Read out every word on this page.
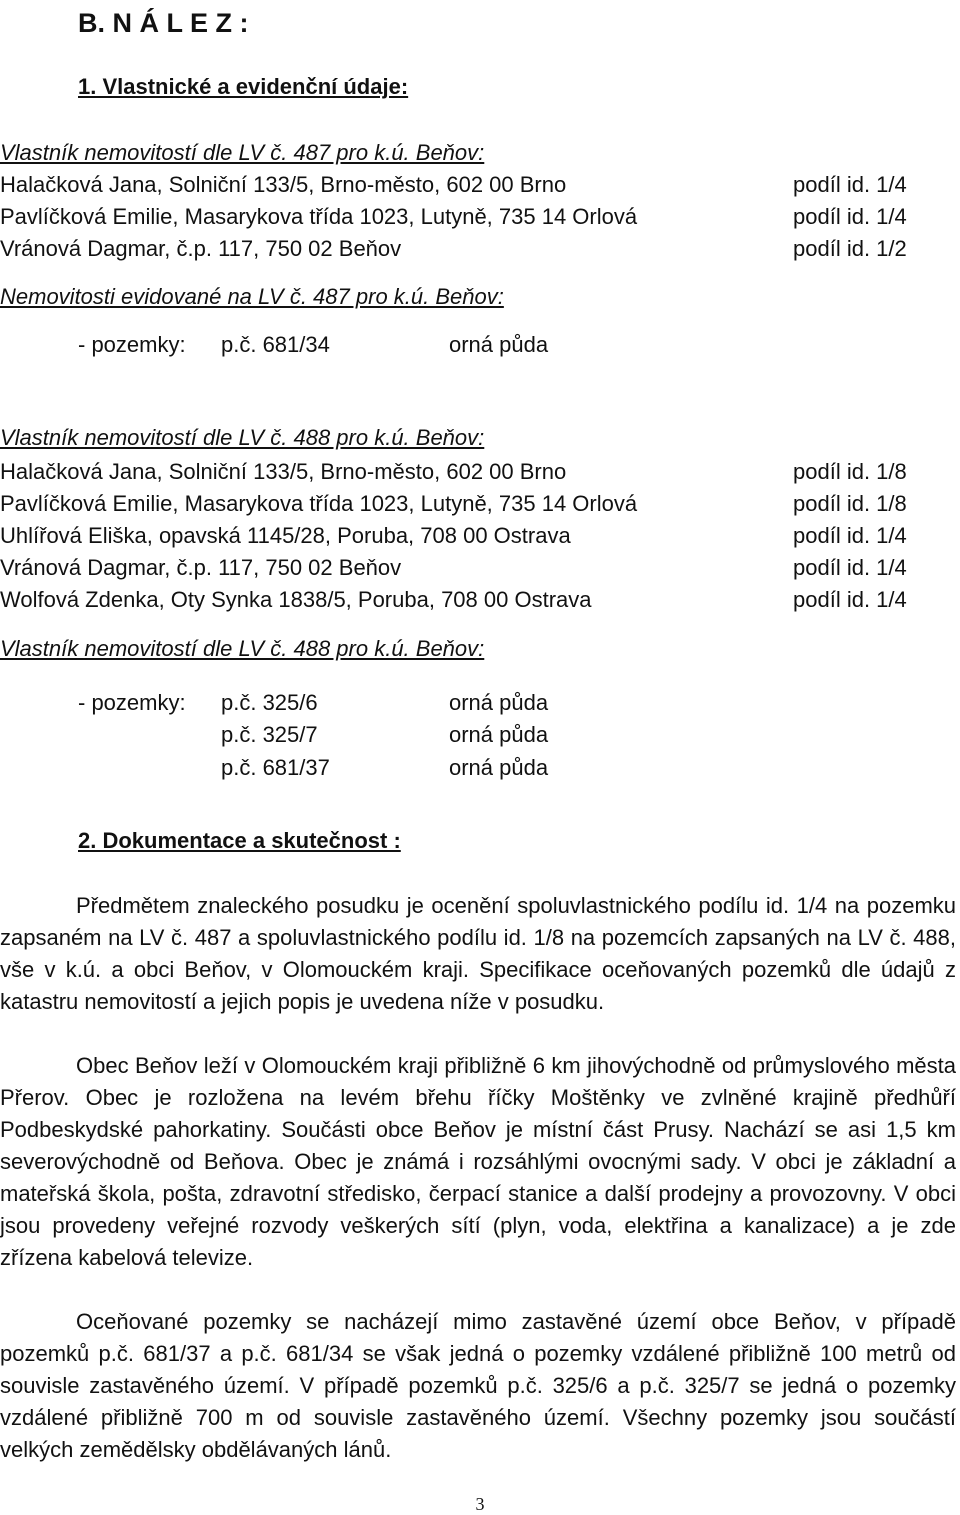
B. N Á L E Z :
1. Vlastnické a evidenční údaje:
Vlastník nemovitostí dle LV č. 487 pro k.ú. Beňov:
Halačková Jana, Solniční 133/5, Brno-město, 602 00 Brno	podíl id. 1/4
Pavlíčková Emilie, Masarykova třída 1023, Lutyně, 735 14 Orlová	podíl id. 1/4
Vránová Dagmar, č.p. 117, 750 02 Beňov	podíl id. 1/2
Nemovitosti evidované na LV č. 487 pro k.ú. Beňov:
- pozemky: p.č. 681/34	orná půda
Vlastník nemovitostí dle LV č. 488 pro k.ú. Beňov:
Halačková Jana, Solniční 133/5, Brno-město, 602 00 Brno	podíl id. 1/8
Pavlíčková Emilie, Masarykova třída 1023, Lutyně, 735 14 Orlová	podíl id. 1/8
Uhlířová Eliška, opavská 1145/28, Poruba, 708 00 Ostrava	podíl id. 1/4
Vránová Dagmar, č.p. 117, 750 02 Beňov	podíl id. 1/4
Wolfová Zdenka, Oty Synka 1838/5, Poruba, 708 00 Ostrava	podíl id. 1/4
Vlastník nemovitostí dle LV č. 488 pro k.ú. Beňov:
- pozemky: p.č. 325/6	orná půda
p.č. 325/7	orná půda
p.č. 681/37	orná půda
2. Dokumentace a skutečnost :
Předmětem znaleckého posudku je ocenění spoluvlastnického podílu id. 1/4 na pozemku zapsaném na LV č. 487 a spoluvlastnického podílu id. 1/8 na pozemcích zapsaných na LV č. 488, vše v k.ú. a obci Beňov, v Olomouckém kraji. Specifikace oceňovaných pozemků dle údajů z katastru nemovitostí a jejich popis je uvedena níže v posudku.
Obec Beňov leží v Olomouckém kraji přibližně 6 km jihovýchodně od průmyslového města Přerov. Obec je rozložena na levém břehu říčky Moštěnky ve zvlněné krajině předhůří Podbeskydské pahorkatiny. Součásti obce Beňov je místní část Prusy. Nachází se asi 1,5 km severovýchodně od Beňova. Obec je známá i rozsáhlými ovocnými sady. V obci je základní a mateřská škola, pošta, zdravotní středisko, čerpací stanice a další prodejny a provozovny. V obci jsou provedeny veřejné rozvody veškerých sítí (plyn, voda, elektřina a kanalizace) a je zde zřízena kabelová televize.
Oceňované pozemky se nacházejí mimo zastavěné území obce Beňov, v případě pozemků p.č. 681/37 a p.č. 681/34 se však jedná o pozemky vzdálené přibližně 100 metrů od souvisle zastavěného území. V případě pozemků p.č. 325/6 a p.č. 325/7 se jedná o pozemky vzdálené přibližně 700 m od souvisle zastavěného území. Všechny pozemky jsou součástí velkých zemědělsky obdělávaných lánů.
3
